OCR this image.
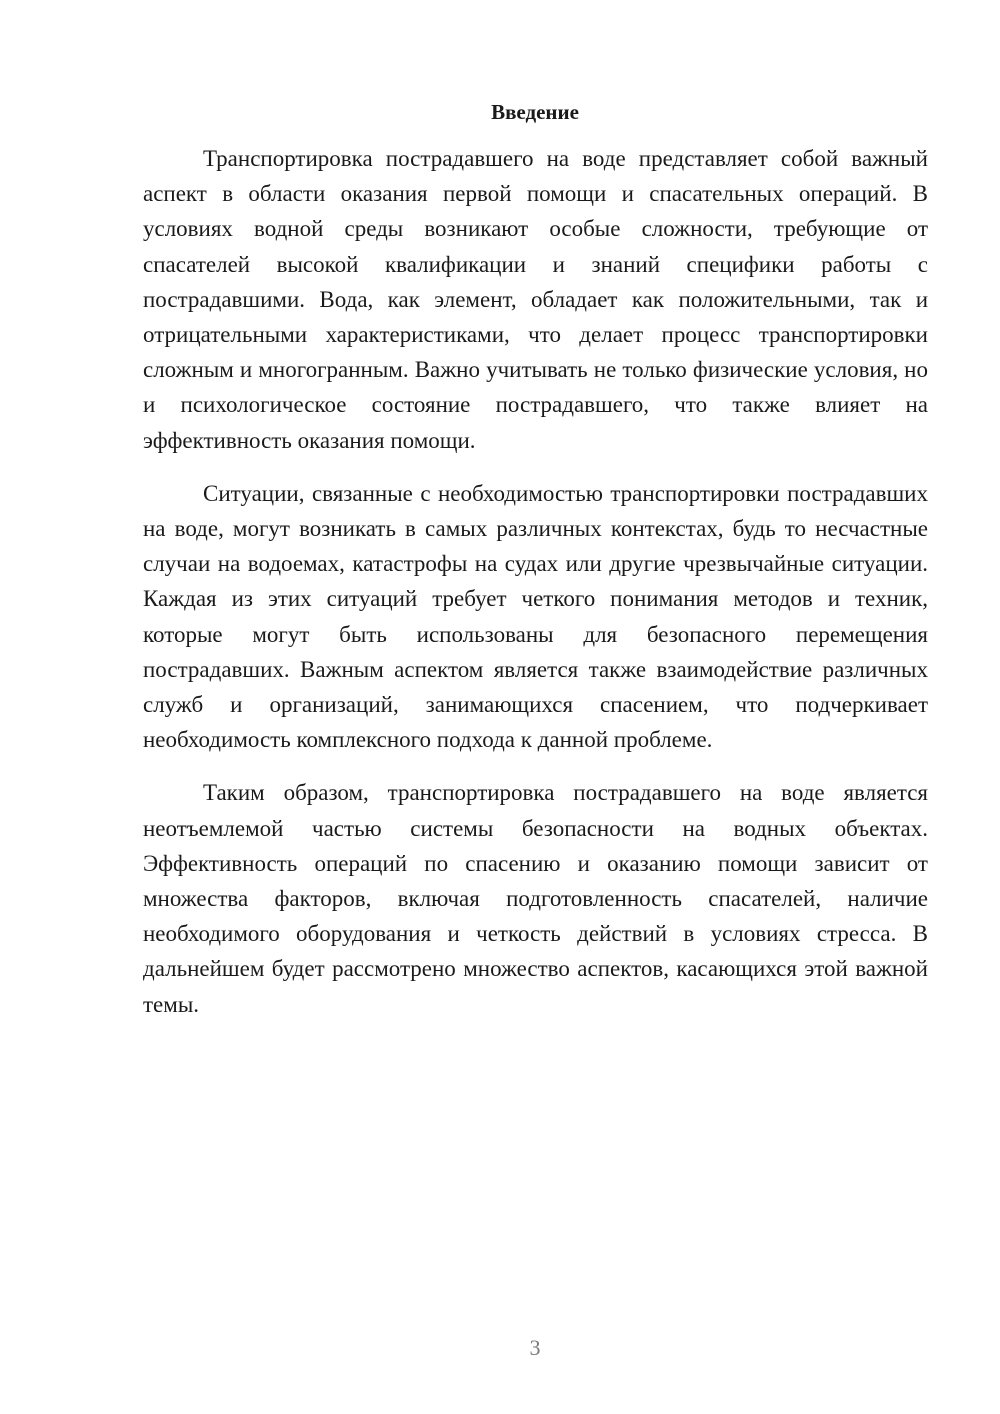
Введение

Транспортировка пострадавшего на воде представляет собой важный аспект в области оказания первой помощи и спасательных операций. В условиях водной среды возникают особые сложности, требующие от спасателей высокой квалификации и знаний специфики работы с пострадавшими. Вода, как элемент, обладает как положительными, так и отрицательными характеристиками, что делает процесс транспортировки сложным и многогранным. Важно учитывать не только физические условия, но и психологическое состояние пострадавшего, что также влияет на эффективность оказания помощи.

Ситуации, связанные с необходимостью транспортировки пострадавших на воде, могут возникать в самых различных контекстах, будь то несчастные случаи на водоемах, катастрофы на судах или другие чрезвычайные ситуации. Каждая из этих ситуаций требует четкого понимания методов и техник, которые могут быть использованы для безопасного перемещения пострадавших. Важным аспектом является также взаимодействие различных служб и организаций, занимающихся спасением, что подчеркивает необходимость комплексного подхода к данной проблеме.

Таким образом, транспортировка пострадавшего на воде является неотъемлемой частью системы безопасности на водных объектах. Эффективность операций по спасению и оказанию помощи зависит от множества факторов, включая подготовленность спасателей, наличие необходимого оборудования и четкость действий в условиях стресса. В дальнейшем будет рассмотрено множество аспектов, касающихся этой важной темы.

3
